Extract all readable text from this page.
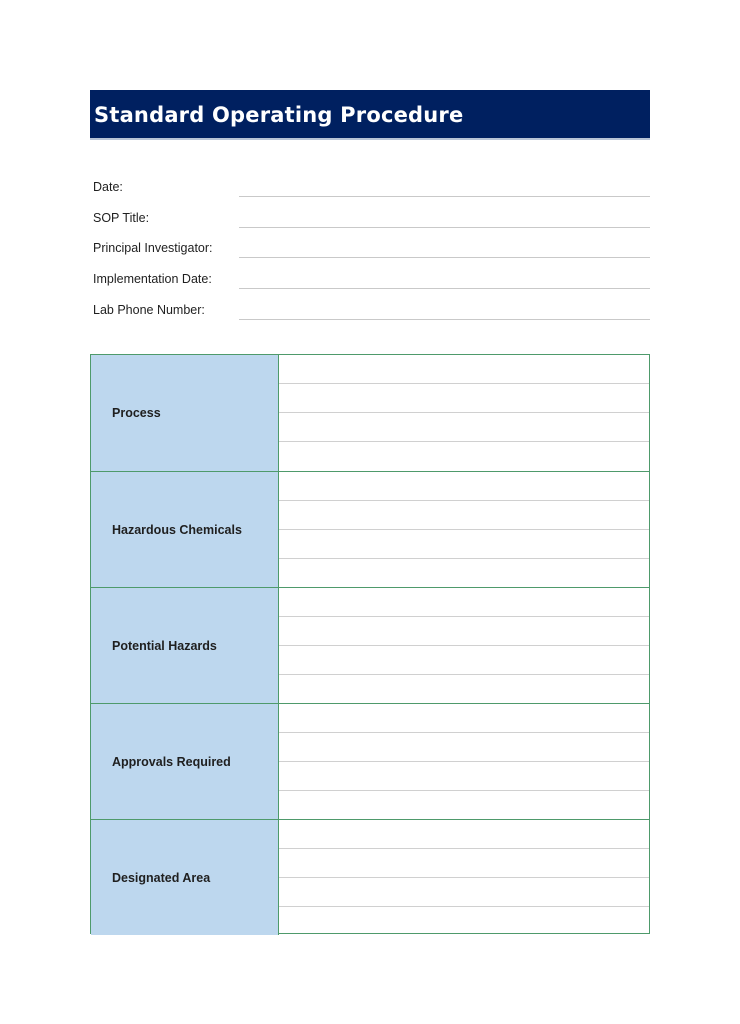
Standard Operating Procedure
Date:
SOP Title:
Principal Investigator:
Implementation Date:
Lab Phone Number:
Process
Hazardous Chemicals
Potential Hazards
Approvals Required
Designated Area
